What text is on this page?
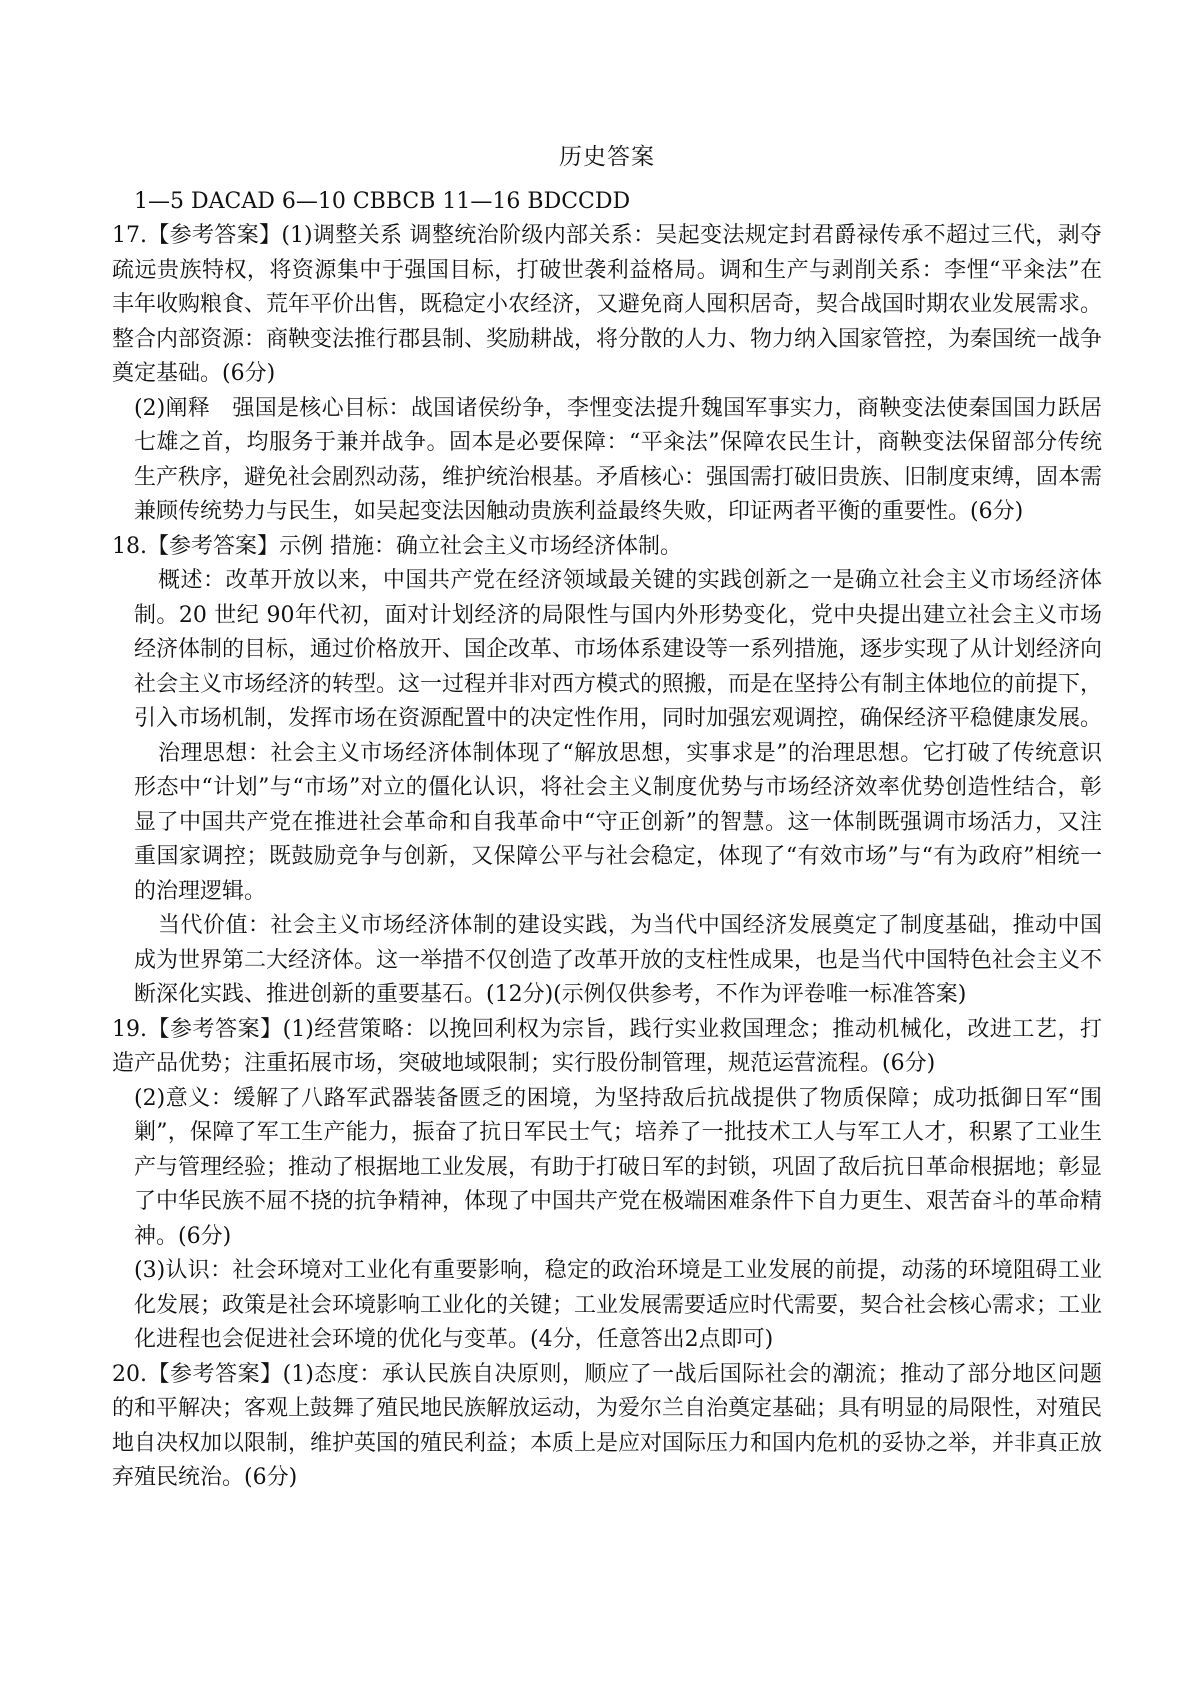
历史答案

1—5 DACAD 6—10 CBBCB 11—16 BDCCDD

17.【参考答案】(1)调整关系 调整统治阶级内部关系：吴起变法规定封君爵禄传承不超过三代，剥夺疏远贵族特权，将资源集中于强国目标，打破世袭利益格局。调和生产与剥削关系：李悝“平籴法”在丰年收购粮食、荒年平价出售，既稳定小农经济，又避免商人囤积居奇，契合战国时期农业发展需求。整合内部资源：商鞅变法推行郡县制、奖励耕战，将分散的人力、物力纳入国家管控，为秦国统一战争奠定基础。(6分)

(2)阐释　强国是核心目标：战国诸侯纷争，李悝变法提升魏国军事实力，商鞅变法使秦国国力跃居七雄之首，均服务于兼并战争。固本是必要保障：“平籴法”保障农民生计，商鞅变法保留部分传统生产秩序，避免社会剧烈动荡，维护统治根基。矛盾核心：强国需打破旧贵族、旧制度束缚，固本需兼顾传统势力与民生，如吴起变法因触动贵族利益最终失败，印证两者平衡的重要性。(6分)

18.【参考答案】示例 措施：确立社会主义市场经济体制。

概述：改革开放以来，中国共产党在经济领域最关键的实践创新之一是确立社会主义市场经济体制。20 世纪 90年代初，面对计划经济的局限性与国内外形势变化，党中央提出建立社会主义市场经济体制的目标，通过价格放开、国企改革、市场体系建设等一系列措施，逐步实现了从计划经济向社会主义市场经济的转型。这一过程并非对西方模式的照搬，而是在坚持公有制主体地位的前提下，引入市场机制，发挥市场在资源配置中的决定性作用，同时加强宏观调控，确保经济平稳健康发展。

治理思想：社会主义市场经济体制体现了“解放思想，实事求是”的治理思想。它打破了传统意识形态中“计划”与“市场”对立的僵化认识，将社会主义制度优势与市场经济效率优势创造性结合，彰显了中国共产党在推进社会革命和自我革命中“守正创新”的智慧。这一体制既强调市场活力，又注重国家调控；既鼓励竞争与创新，又保障公平与社会稳定，体现了“有效市场”与“有为政府”相统一的治理逻辑。

当代价值：社会主义市场经济体制的建设实践，为当代中国经济发展奠定了制度基础，推动中国成为世界第二大经济体。这一举措不仅创造了改革开放的支柱性成果，也是当代中国特色社会主义不断深化实践、推进创新的重要基石。(12分)(示例仅供参考，不作为评卷唯一标准答案)

19.【参考答案】(1)经营策略：以挽回利权为宗旨，践行实业救国理念；推动机械化，改进工艺，打造产品优势；注重拓展市场，突破地域限制；实行股份制管理，规范运营流程。(6分)

(2)意义：缓解了八路军武器装备匮乏的困境，为坚持敌后抗战提供了物质保障；成功抵御日军“围剿”，保障了军工生产能力，振奋了抗日军民士气；培养了一批技术工人与军工人才，积累了工业生产与管理经验；推动了根据地工业发展，有助于打破日军的封锁，巩固了敌后抗日革命根据地；彰显了中华民族不屈不挠的抗争精神，体现了中国共产党在极端困难条件下自力更生、艰苦奋斗的革命精神。(6分)

(3)认识：社会环境对工业化有重要影响，稳定的政治环境是工业发展的前提，动荡的环境阻碍工业化发展；政策是社会环境影响工业化的关键；工业发展需要适应时代需要，契合社会核心需求；工业化进程也会促进社会环境的优化与变革。(4分，任意答出2点即可)

20.【参考答案】(1)态度：承认民族自决原则，顺应了一战后国际社会的潮流；推动了部分地区问题的和平解决；客观上鼓舞了殖民地民族解放运动，为爱尔兰自治奠定基础；具有明显的局限性，对殖民地自决权加以限制，维护英国的殖民利益；本质上是应对国际压力和国内危机的妥协之举，并非真正放弃殖民统治。(6分)
